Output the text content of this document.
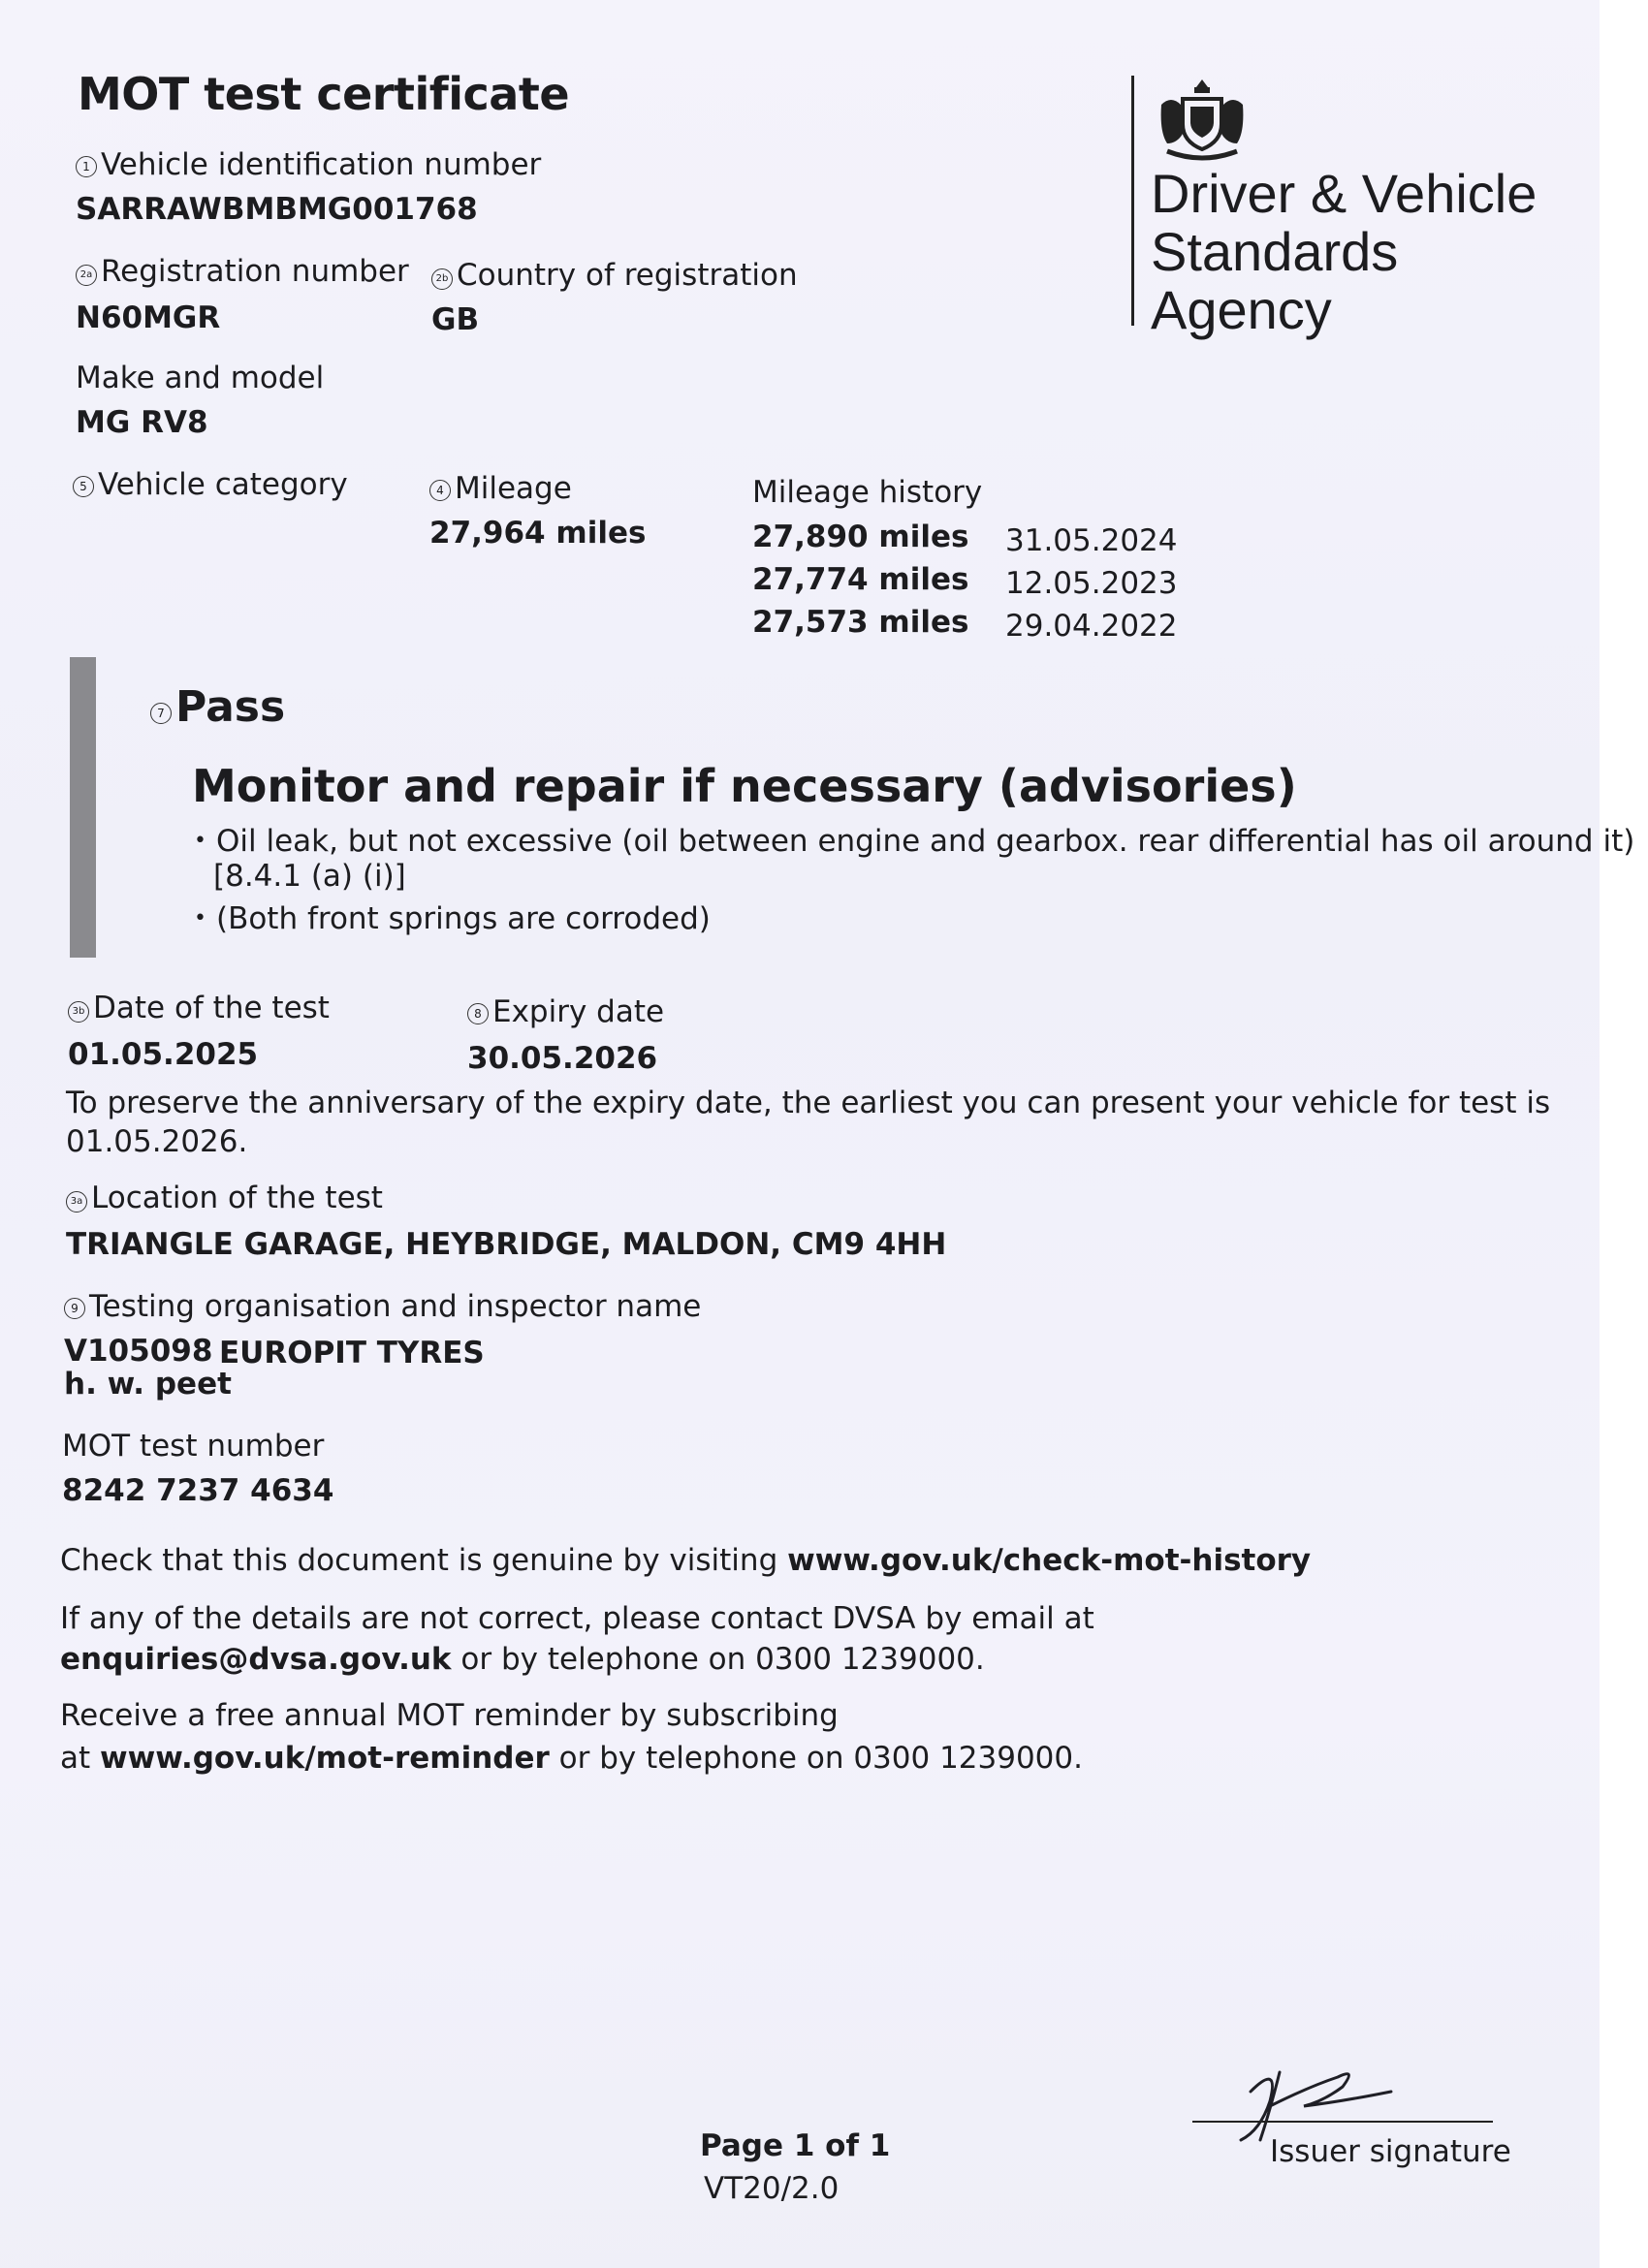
MOT test certificate
Driver & Vehicle
Standards
Agency
1 Vehicle identification number
SARRAWBMBMG001768
2a Registration number
N60MGR
2b Country of registration
GB
Make and model
MG RV8
5 Vehicle category	4 Mileage
27,964 miles
Mileage history
27,890 miles 31.05.2024
27,774 miles 12.05.2023
27,573 miles 29.04.2022
7 Pass
Monitor and repair if necessary (advisories)
• Oil leak, but not excessive (oil between engine and gearbox. rear differential has oil around it)
[8.4.1 (a) (i)]
• (Both front springs are corroded)
3b Date of the test
01.05.2025
8 Expiry date
30.05.2026
To preserve the anniversary of the expiry date, the earliest you can present your vehicle for test is
01.05.2026.
3a Location of the test
TRIANGLE GARAGE, HEYBRIDGE, MALDON, CM9 4HH
9 Testing organisation and inspector name
V105098 EUROPIT TYRES
h. w. peet
MOT test number
8242 7237 4634
Check that this document is genuine by visiting www.gov.uk/check-mot-history
If any of the details are not correct, please contact DVSA by email at
enquiries@dvsa.gov.uk or by telephone on 0300 1239000.
Receive a free annual MOT reminder by subscribing
at www.gov.uk/mot-reminder or by telephone on 0300 1239000.
Page 1 of 1
VT20/2.0
Issuer signature
